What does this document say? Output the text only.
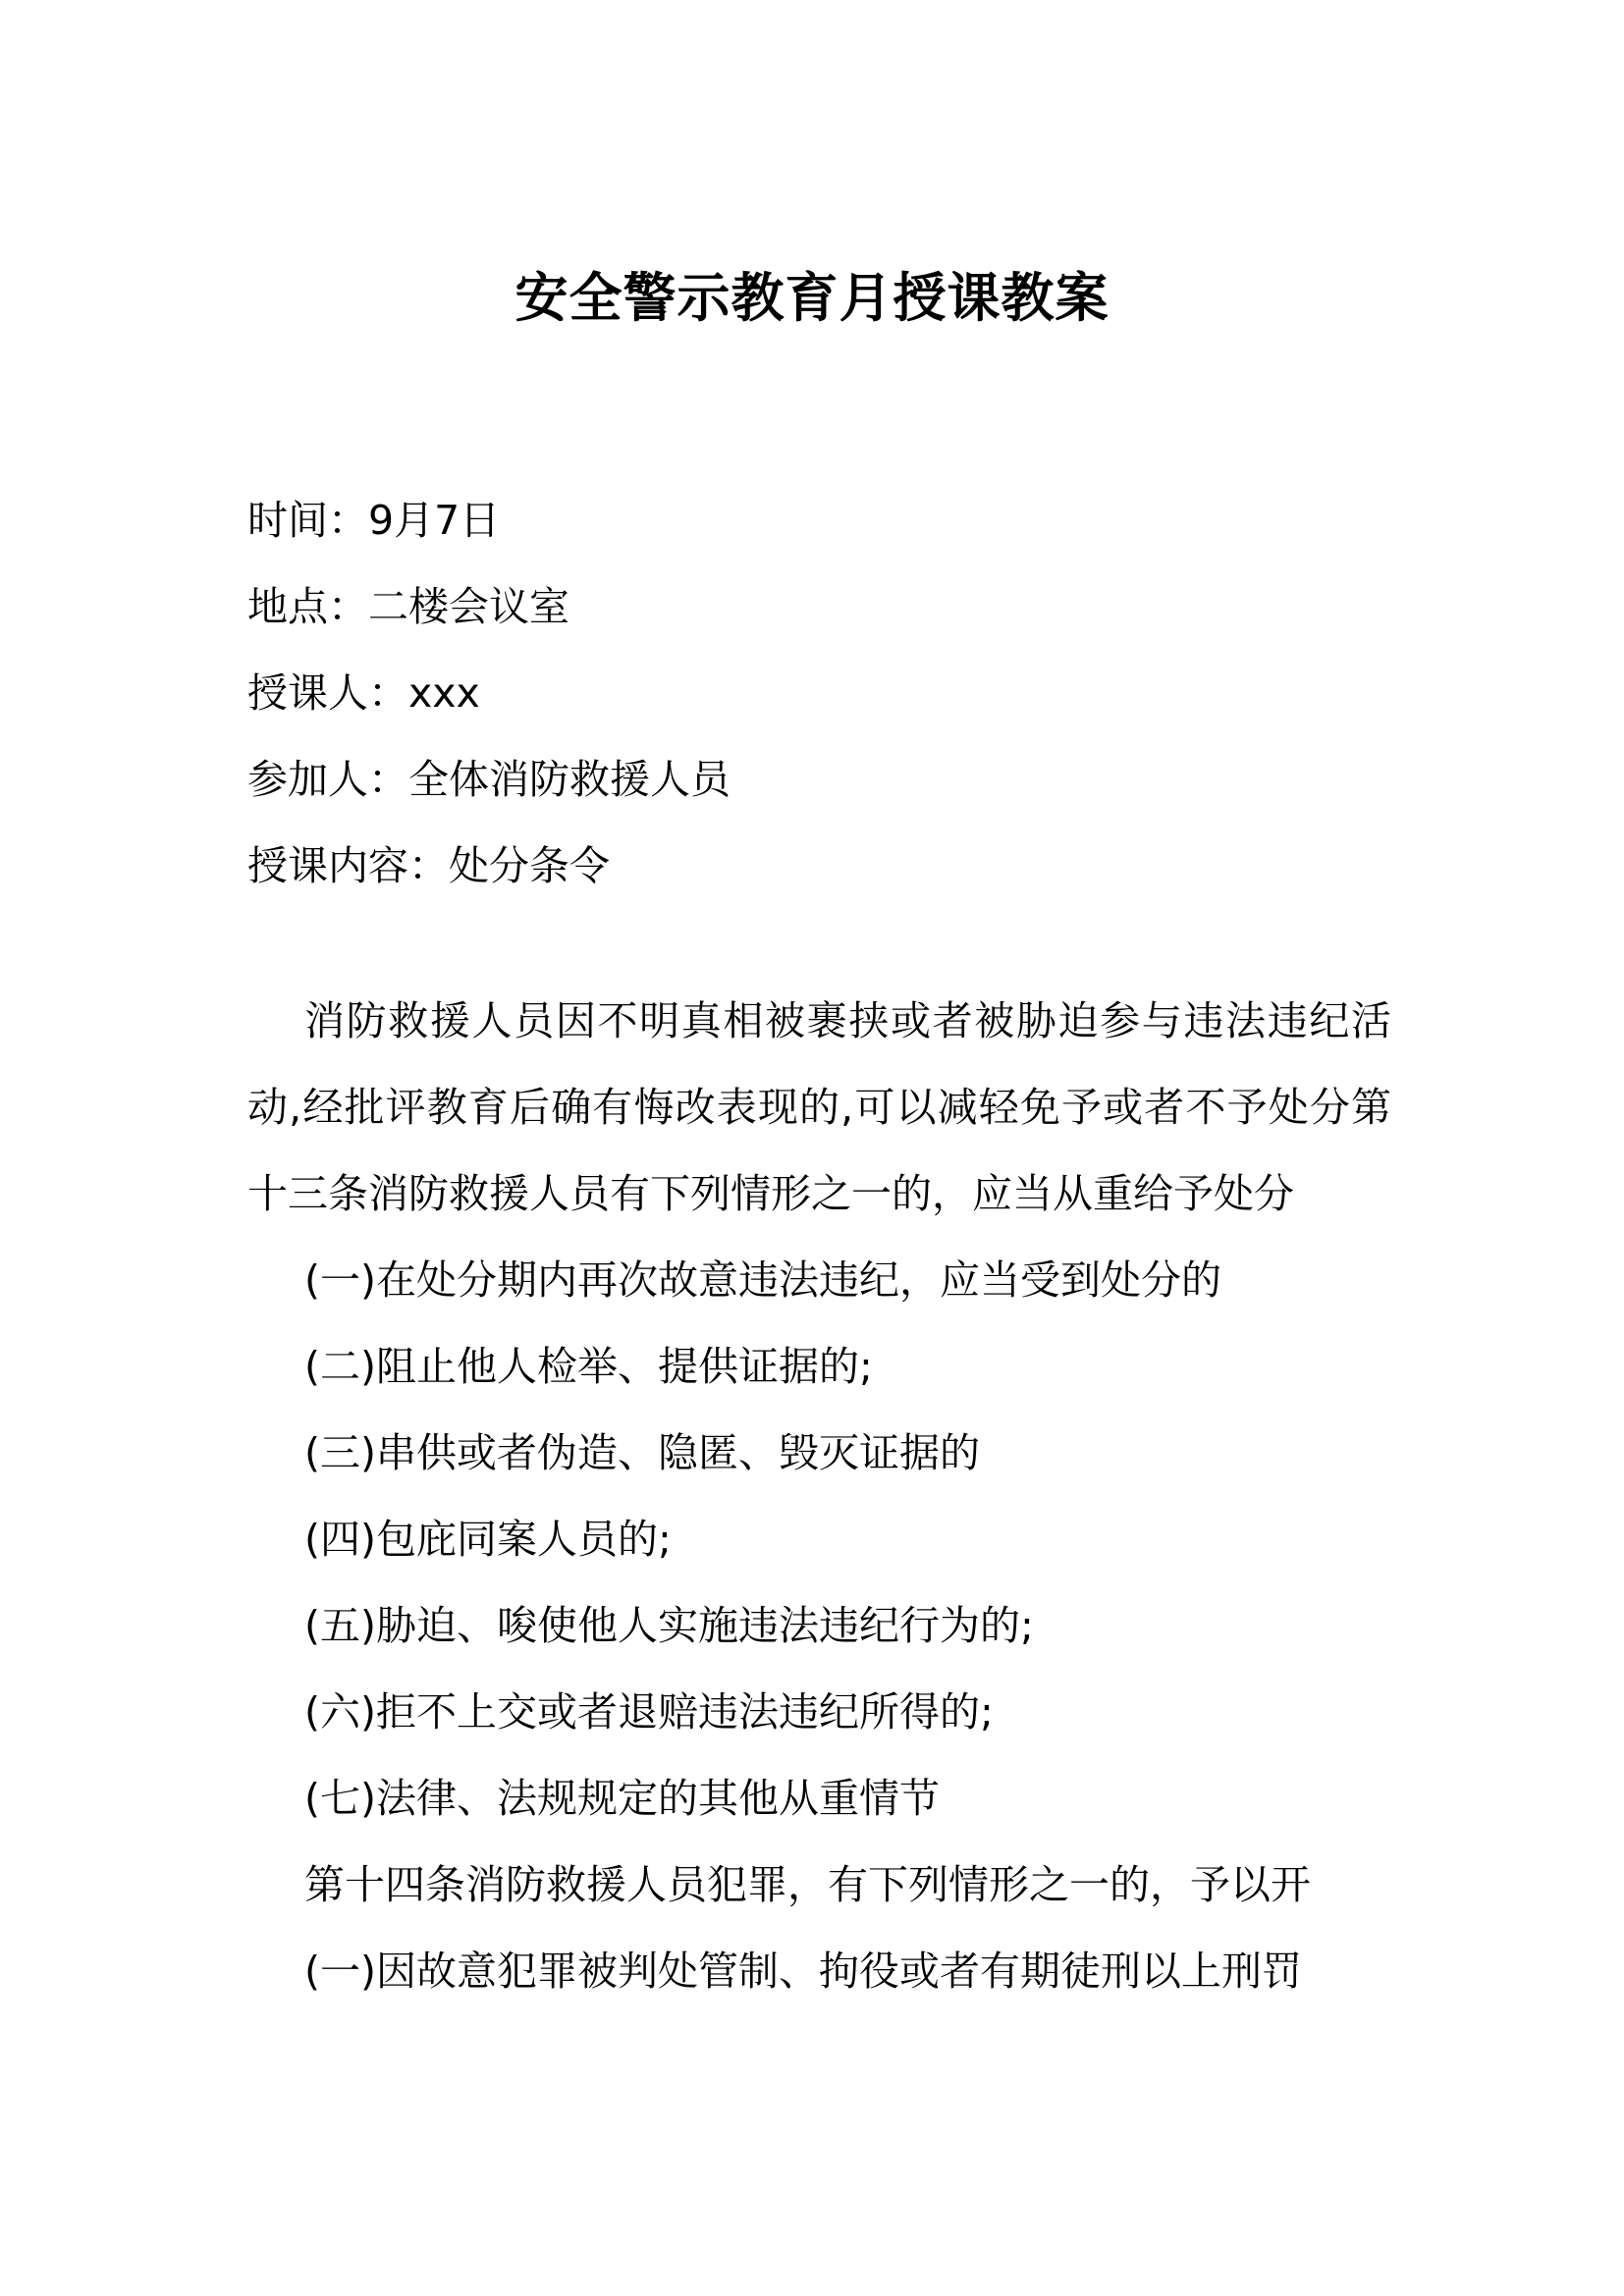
安全警示教育月授课教案
时间：9月7日
地点：二楼会议室
授课人：xxx
参加人：全体消防救援人员
授课内容：处分条令

消防救援人员因不明真相被裹挟或者被胁迫参与违法违纪活动,经批评教育后确有悔改表现的,可以减轻免予或者不予处分第十三条消防救援人员有下列情形之一的，应当从重给予处分

(一)在处分期内再次故意违法违纪，应当受到处分的

(二)阻止他人检举、提供证据的;

(三)串供或者伪造、隐匿、毁灭证据的

(四)包庇同案人员的;

(五)胁迫、唆使他人实施违法违纪行为的;

(六)拒不上交或者退赔违法违纪所得的;

(七)法律、法规规定的其他从重情节

第十四条消防救援人员犯罪，有下列情形之一的，予以开

(一)因故意犯罪被判处管制、拘役或者有期徒刑以上刑罚
